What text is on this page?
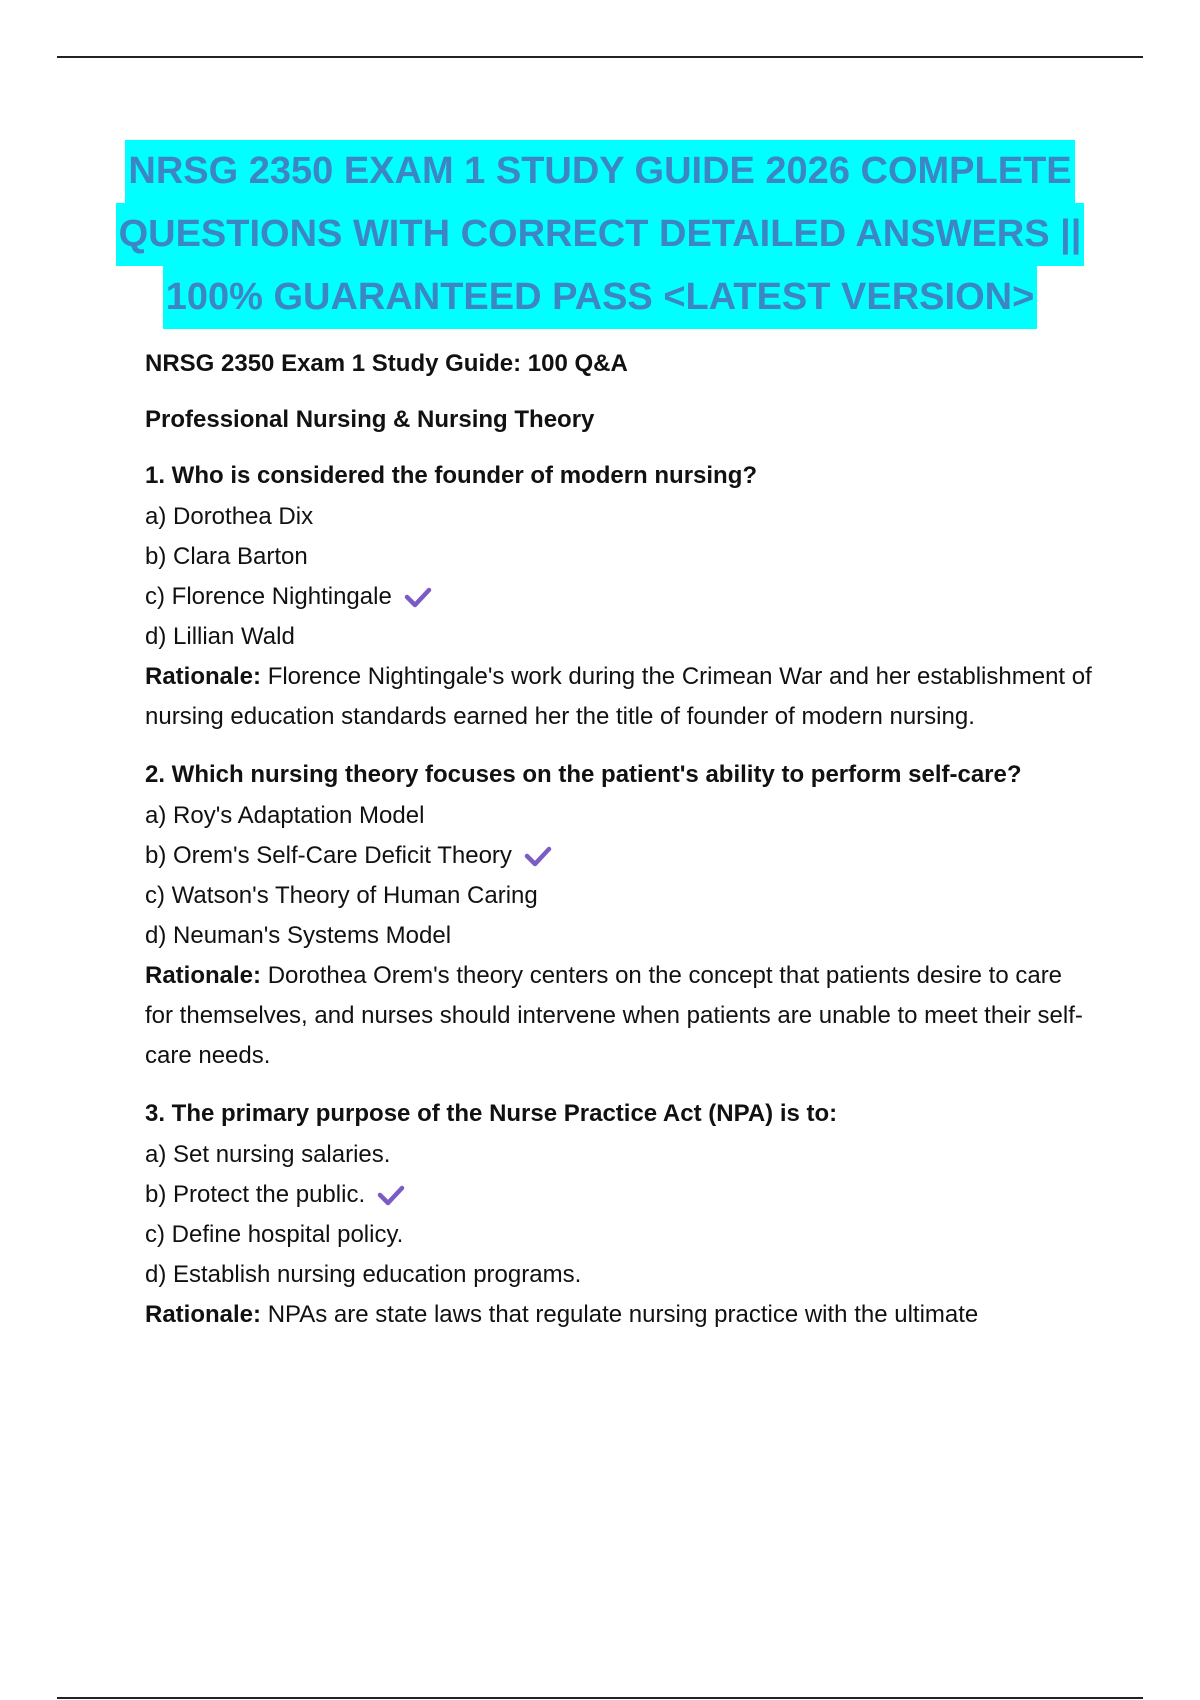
NRSG 2350 EXAM 1 STUDY GUIDE 2026 COMPLETE
QUESTIONS WITH CORRECT DETAILED ANSWERS ||
100% GUARANTEED PASS <LATEST VERSION>
NRSG 2350 Exam 1 Study Guide: 100 Q&A
Professional Nursing & Nursing Theory
1. Who is considered the founder of modern nursing?
a) Dorothea Dix
b) Clara Barton
c) Florence Nightingale
d) Lillian Wald
Rationale: Florence Nightingale's work during the Crimean War and her establishment of nursing education standards earned her the title of founder of modern nursing.
2. Which nursing theory focuses on the patient's ability to perform self-care?
a) Roy's Adaptation Model
b) Orem's Self-Care Deficit Theory
c) Watson's Theory of Human Caring
d) Neuman's Systems Model
Rationale: Dorothea Orem's theory centers on the concept that patients desire to care for themselves, and nurses should intervene when patients are unable to meet their self-care needs.
3. The primary purpose of the Nurse Practice Act (NPA) is to:
a) Set nursing salaries.
b) Protect the public.
c) Define hospital policy.
d) Establish nursing education programs.
Rationale: NPAs are state laws that regulate nursing practice with the ultimate
